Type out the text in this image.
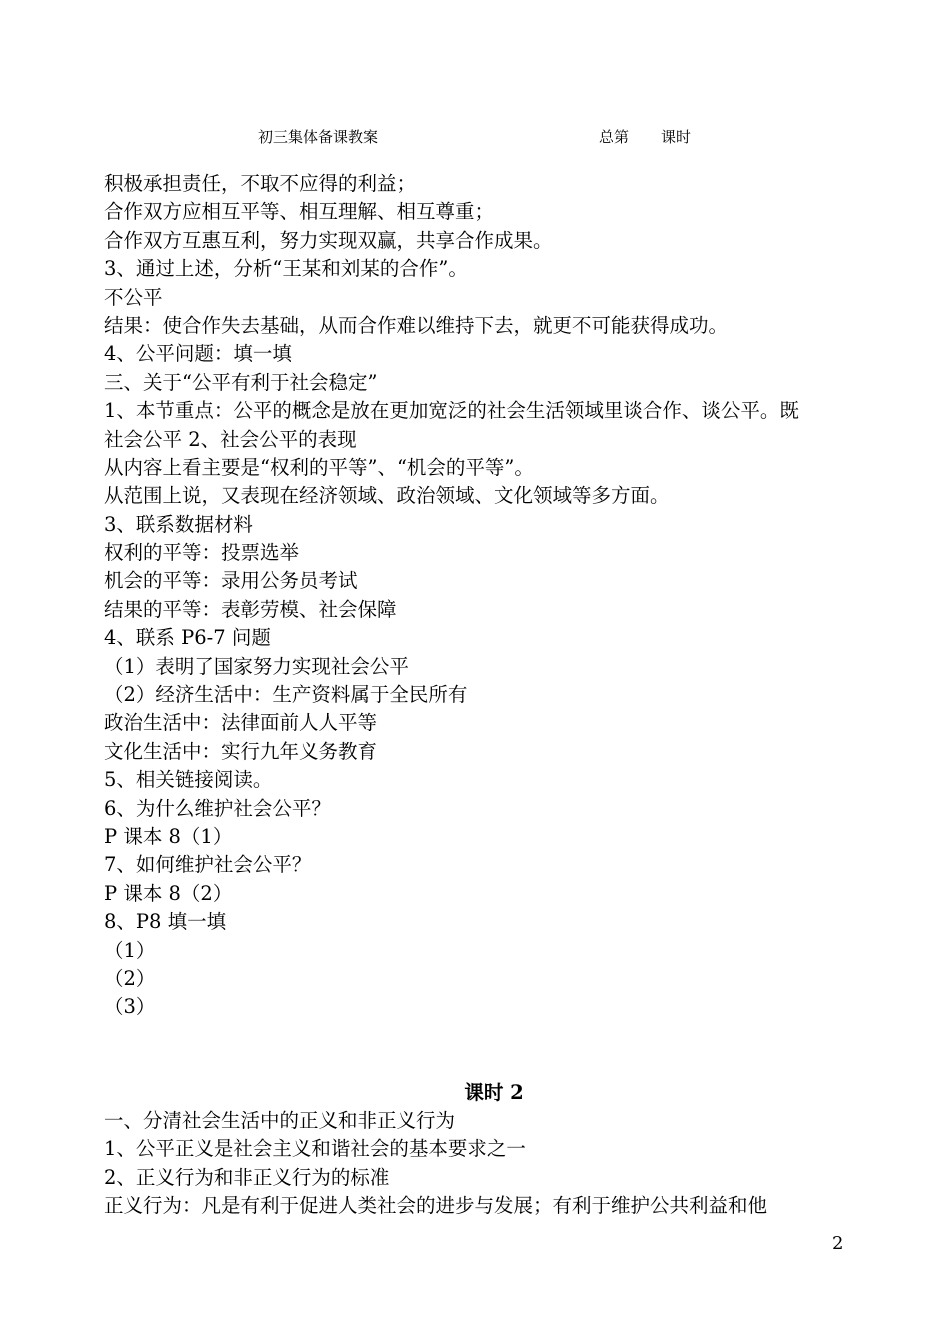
初三集体备课教案	总第 课时
积极承担责任，不取不应得的利益；
合作双方应相互平等、相互理解、相互尊重；
合作双方互惠互利，努力实现双赢，共享合作成果。
3、通过上述，分析“王某和刘某的合作”。
不公平
结果：使合作失去基础，从而合作难以维持下去，就更不可能获得成功。
4、公平问题：填一填
三、关于“公平有利于社会稳定”
1、本节重点：公平的概念是放在更加宽泛的社会生活领域里谈合作、谈公平。既
社会公平 2、社会公平的表现
从内容上看主要是“权利的平等”、“机会的平等”。
从范围上说，又表现在经济领域、政治领域、文化领域等多方面。
3、联系数据材料
权利的平等：投票选举
机会的平等：录用公务员考试
结果的平等：表彰劳模、社会保障
4、联系 P6-7 问题
（1）表明了国家努力实现社会公平
（2）经济生活中：生产资料属于全民所有
政治生活中：法律面前人人平等
文化生活中：实行九年义务教育
5、相关链接阅读。
6、为什么维护社会公平？
P 课本 8（1）
7、如何维护社会公平？
P 课本 8（2）
8、P8 填一填
（1）
（2）
（3）
课时 2
一、分清社会生活中的正义和非正义行为
1、公平正义是社会主义和谐社会的基本要求之一
2、正义行为和非正义行为的标准
正义行为：凡是有利于促进人类社会的进步与发展；有利于维护公共利益和他
2
